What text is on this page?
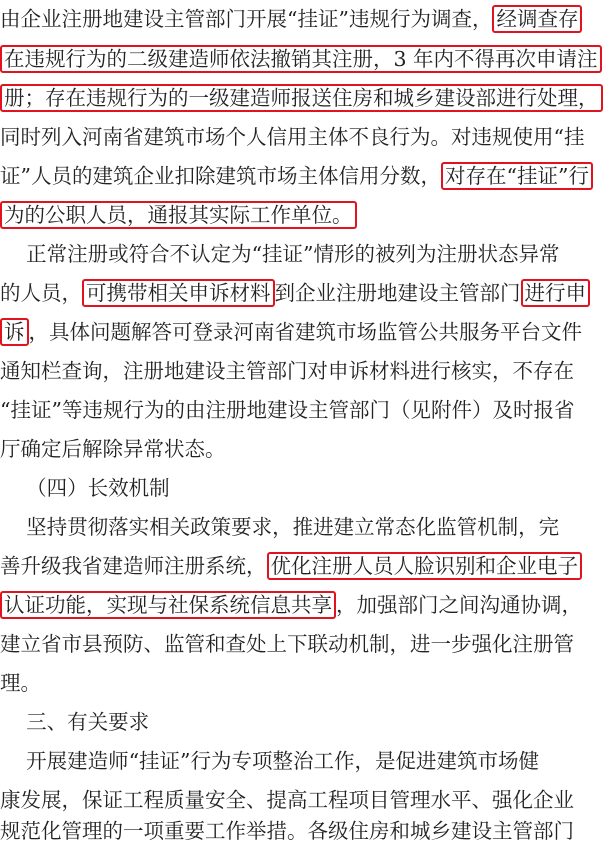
由企业注册地建设主管部门开展“挂证”违规行为调查， 经调查存
在违规行为的二级建造师依法撤销其注册，3 年内不得再次申请注
册；存在违规行为的一级建造师报送住房和城乡建设部进行处理，
同时列入河南省建筑市场个人信用主体不良行为。对违规使用“挂
证”人员的建筑企业扣除建筑市场主体信用分数， 对存在“挂证”行
为的公职人员，通报其实际工作单位。
正常注册或符合不认定为“挂证”情形的被列为注册状态异常
的人员， 可携带相关申诉材料 到企业注册地建设主管部门 进行申
诉 ，具体问题解答可登录河南省建筑市场监管公共服务平台文件
通知栏查询，注册地建设主管部门对申诉材料进行核实，不存在
“挂证”等违规行为的由注册地建设主管部门（见附件）及时报省
厅确定后解除异常状态。
（四）长效机制
坚持贯彻落实相关政策要求，推进建立常态化监管机制，完
善升级我省建造师注册系统， 优化注册人员人脸识别和企业电子
认证功能，实现与社保系统信息共享 ，加强部门之间沟通协调，
建立省市县预防、监管和查处上下联动机制，进一步强化注册管
理。
三、有关要求
开展建造师“挂证”行为专项整治工作，是促进建筑市场健
康发展，保证工程质量安全、提高工程项目管理水平、强化企业
规范化管理的一项重要工作举措。各级住房和城乡建设主管部门
